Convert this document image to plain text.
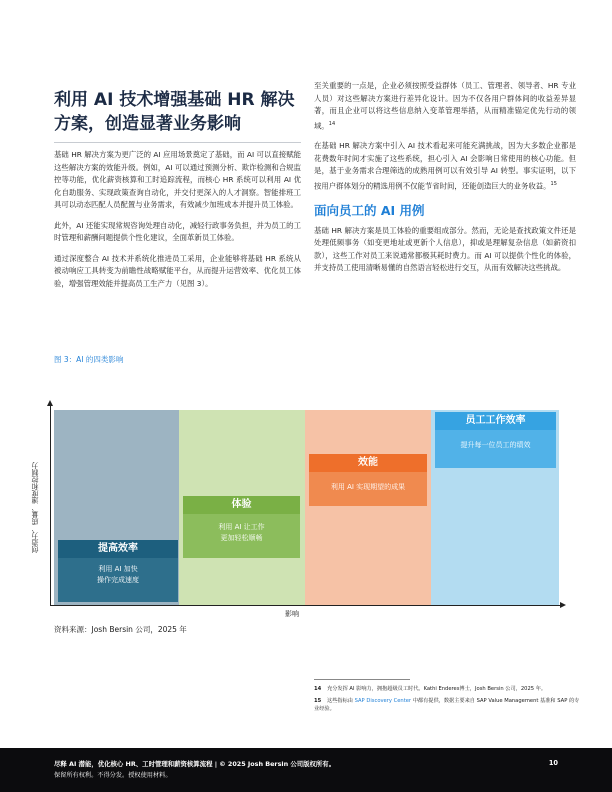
利用 AI 技术增强基础 HR 解决方案，创造显著业务影响

基础 HR 解决方案为更广泛的 AI 应用场景奠定了基础，而 AI 可以直接赋能这些解决方案的效能升级。例如，AI 可以通过预测分析、欺诈检测和合规监控等功能，优化薪资核算和工时追踪流程，而核心 HR 系统可以利用 AI 优化自助服务、实现政策查询自动化，并交付更深入的人才洞察。智能排班工具可以动态匹配人员配置与业务需求，有效减少加班成本并提升员工体验。

此外，AI 还能实现常规咨询处理自动化，减轻行政事务负担，并为员工的工时管理和薪酬问题提供个性化建议，全面革新员工体验。

通过深度整合 AI 技术并系统化推进员工采用，企业能够将基础 HR 系统从被动响应工具转变为前瞻性战略赋能平台，从而提升运营效率、优化员工体验，增强管理效能并提高员工生产力（见图 3）。

至关重要的一点是，企业必须按照受益群体（员工、管理者、领导者、HR 专业人员）对这些解决方案进行差异化设计。因为不仅各用户群体间的收益差异显著，而且企业可以将这些信息纳入变革管理举措，从而精准锚定优先行动的领域。$^{14}$

在基础 HR 解决方案中引入 AI 技术看起来可能充满挑战，因为大多数企业都是花费数年时间才实施了这些系统，担心引入 AI 会影响日常使用的核心功能。但是，基于业务需求合理筛选的成熟用例可以有效引导 AI 转型。事实证明，以下按用户群体划分的精选用例不仅能节省时间，还能创造巨大的业务收益。$^{15}$

面向员工的 AI 用例

基础 HR 解决方案是员工体验的重要组成部分。然而，无论是查找政策文件还是处理低频事务（如变更地址或更新个人信息），抑或是理解复杂信息（如薪资扣款），这些工作对员工来说通常都极其耗时费力。而 AI 可以提供个性化的体验，并支持员工使用清晰易懂的自然语言轻松进行交互，从而有效解决这些挑战。

图 3：AI 的四类影响
创造力、质量、速度和控制力	提高效率
利用 AI 加快
操作完成速度
体验
利用 AI 让工作
更加轻松顺畅
效能
利用 AI 实现期望的成果
员工工作效率
提升每一位员工的绩效
影响
资料来源：Josh Bersin 公司，2025 年
14 充分发挥 AI 影响力，拥抱超级员工时代。Kathi Enderes博士，Josh Bersin 公司，2025 年。
15 这些指标由 SAP Discovery Center 中都有提供，数据主要来自 SAP Value Management 基准和 SAP 的专业经验。
尽释 AI 潜能，优化核心 HR、工时管理和薪资核算流程 | © 2025 Josh Bersin 公司版权所有。
保留所有权利。不得分发。授权使用材料。
10
